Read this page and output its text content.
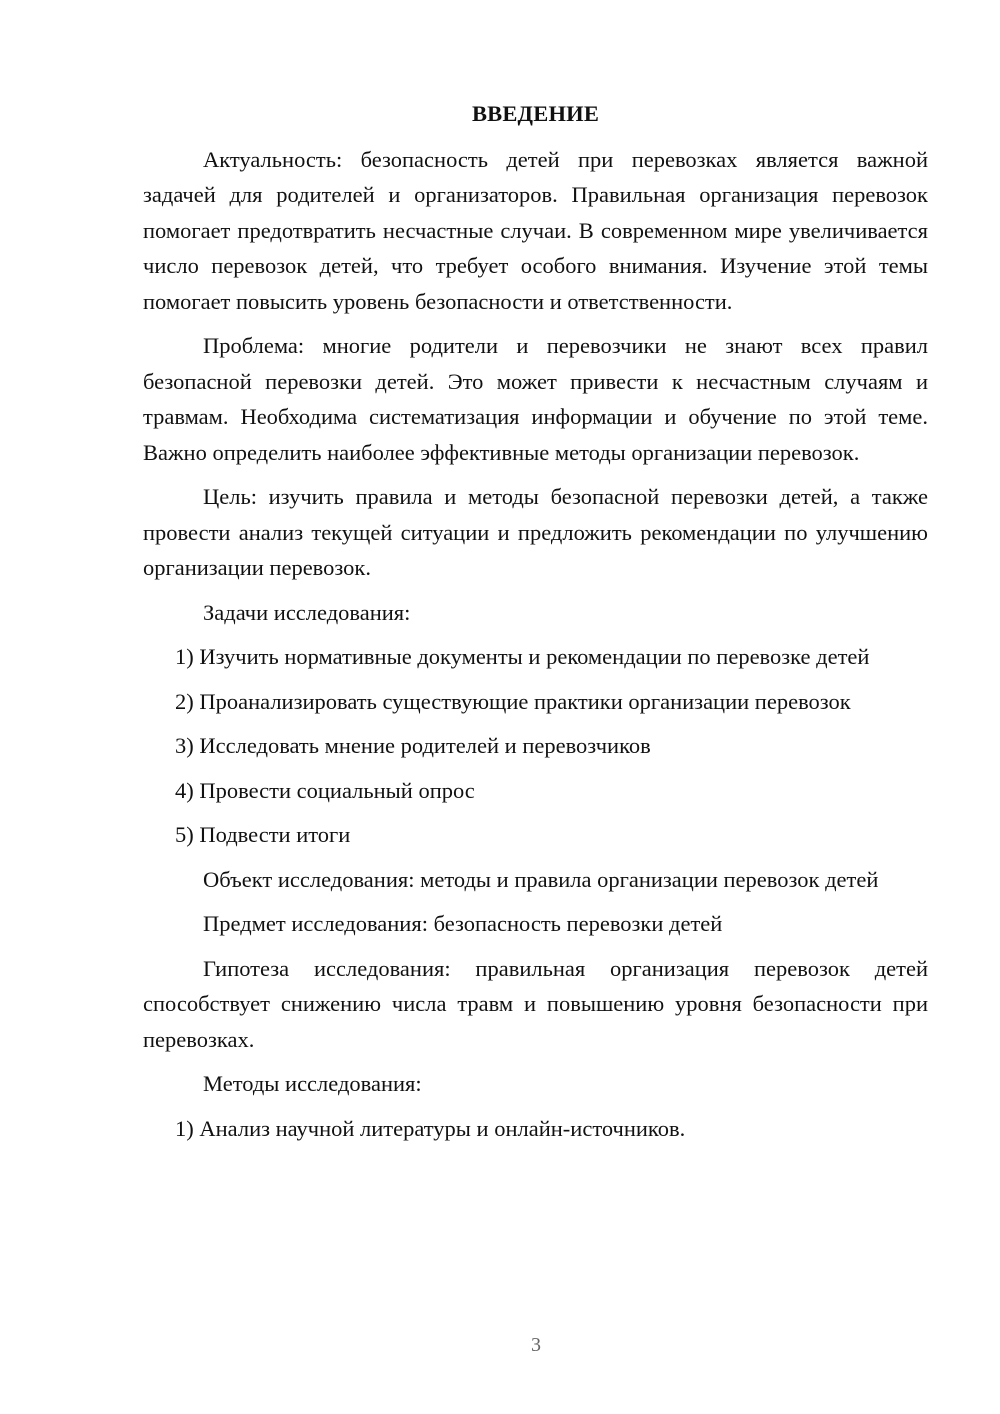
ВВЕДЕНИЕ

Актуальность: безопасность детей при перевозках является важной задачей для родителей и организаторов. Правильная организация перевозок помогает предотвратить несчастные случаи. В современном мире увеличивается число перевозок детей, что требует особого внимания. Изучение этой темы помогает повысить уровень безопасности и ответственности.

Проблема: многие родители и перевозчики не знают всех правил безопасной перевозки детей. Это может привести к несчастным случаям и травмам. Необходима систематизация информации и обучение по этой теме. Важно определить наиболее эффективные методы организации перевозок.

Цель: изучить правила и методы безопасной перевозки детей, а также провести анализ текущей ситуации и предложить рекомендации по улучшению организации перевозок.

Задачи исследования:

1) Изучить нормативные документы и рекомендации по перевозке детей

2) Проанализировать существующие практики организации перевозок

3) Исследовать мнение родителей и перевозчиков

4) Провести социальный опрос

5) Подвести итоги

Объект исследования: методы и правила организации перевозок детей

Предмет исследования: безопасность перевозки детей

Гипотеза исследования: правильная организация перевозок детей способствует снижению числа травм и повышению уровня безопасности при перевозках.

Методы исследования:

1) Анализ научной литературы и онлайн-источников.

3
